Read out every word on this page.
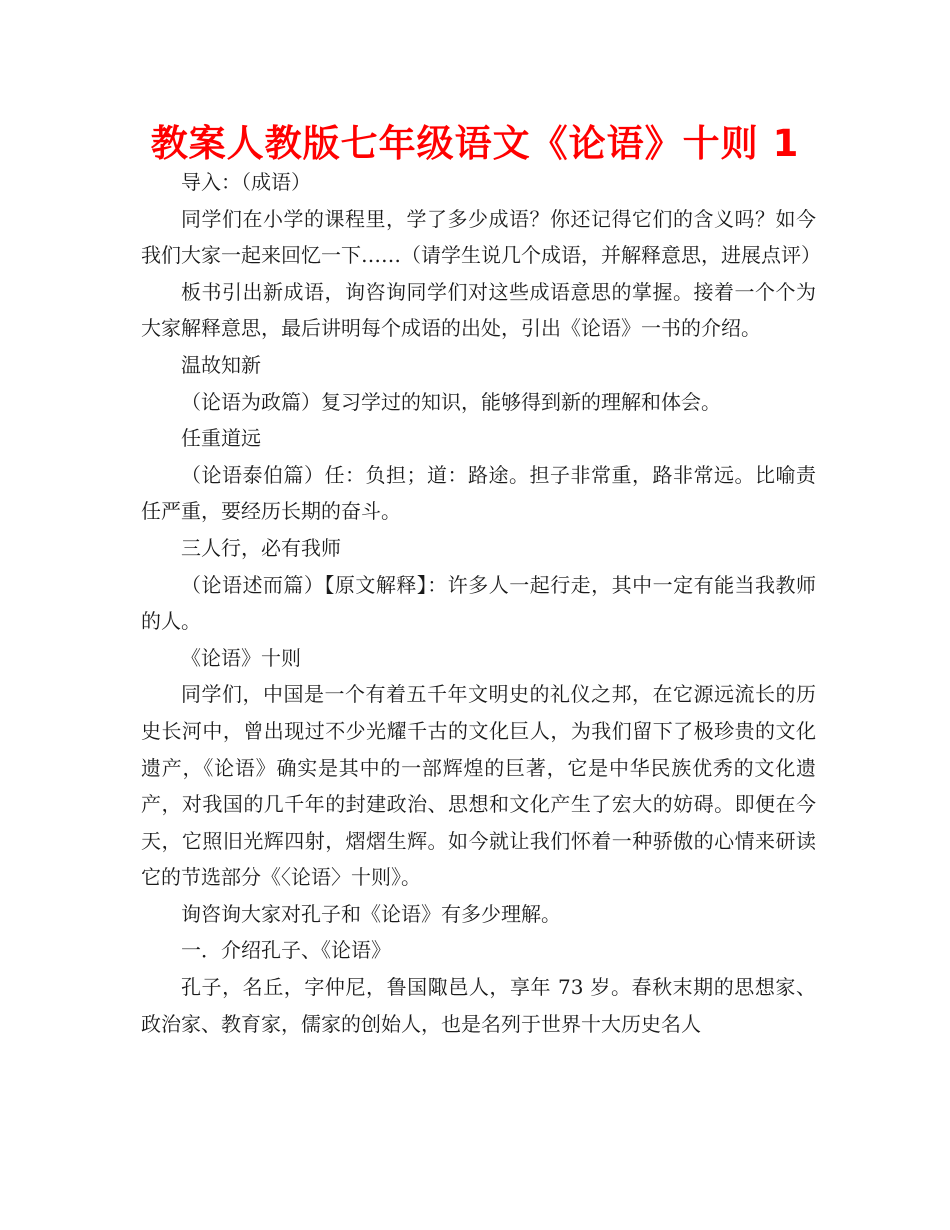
教案人教版七年级语文《论语》十则 1

导入：（成语）

同学们在小学的课程里，学了多少成语？你还记得它们的含义吗？如今我们大家一起来回忆一下……（请学生说几个成语，并解释意思，进展点评）

板书引出新成语，询咨询同学们对这些成语意思的掌握。接着一个个为大家解释意思，最后讲明每个成语的出处，引出《论语》一书的介绍。

温故知新

（论语为政篇）复习学过的知识，能够得到新的理解和体会。

任重道远

（论语泰伯篇）任：负担；道：路途。担子非常重，路非常远。比喻责任严重，要经历长期的奋斗。

三人行，必有我师

（论语述而篇）【原文解释】：许多人一起行走，其中一定有能当我教师的人。

《论语》十则

同学们，中国是一个有着五千年文明史的礼仪之邦，在它源远流长的历史长河中，曾出现过不少光耀千古的文化巨人，为我们留下了极珍贵的文化遗产，《论语》确实是其中的一部辉煌的巨著，它是中华民族优秀的文化遗产，对我国的几千年的封建政治、思想和文化产生了宏大的妨碍。即便在今天，它照旧光辉四射，熠熠生辉。如今就让我们怀着一种骄傲的心情来研读它的节选部分《〈论语〉十则》。

询咨询大家对孔子和《论语》有多少理解。

一．介绍孔子、《论语》

孔子，名丘，字仲尼，鲁国陬邑人，享年 73 岁。春秋末期的思想家、政治家、教育家，儒家的创始人，也是名列于世界十大历史名人
